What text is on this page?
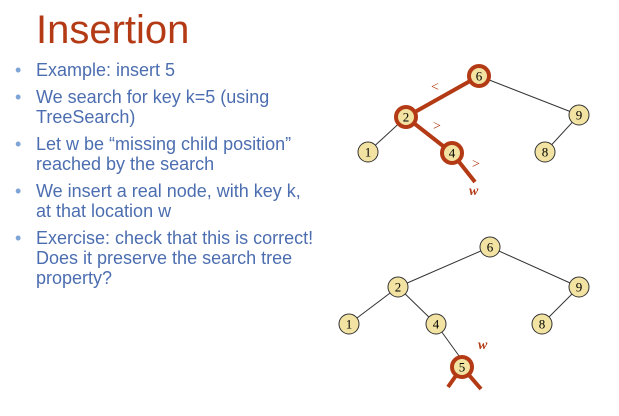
Insertion
• Example: insert 5
• We search for key k=5 (using TreeSearch)
• Let w be “missing child position” reached by the search
• We insert a real node, with key k, at that location w
• Exercise: check that this is correct! Does it preserve the search tree property?
<
>
>
w
6
2	9
1	4	8
w
6
2	9
1	4	8
5
